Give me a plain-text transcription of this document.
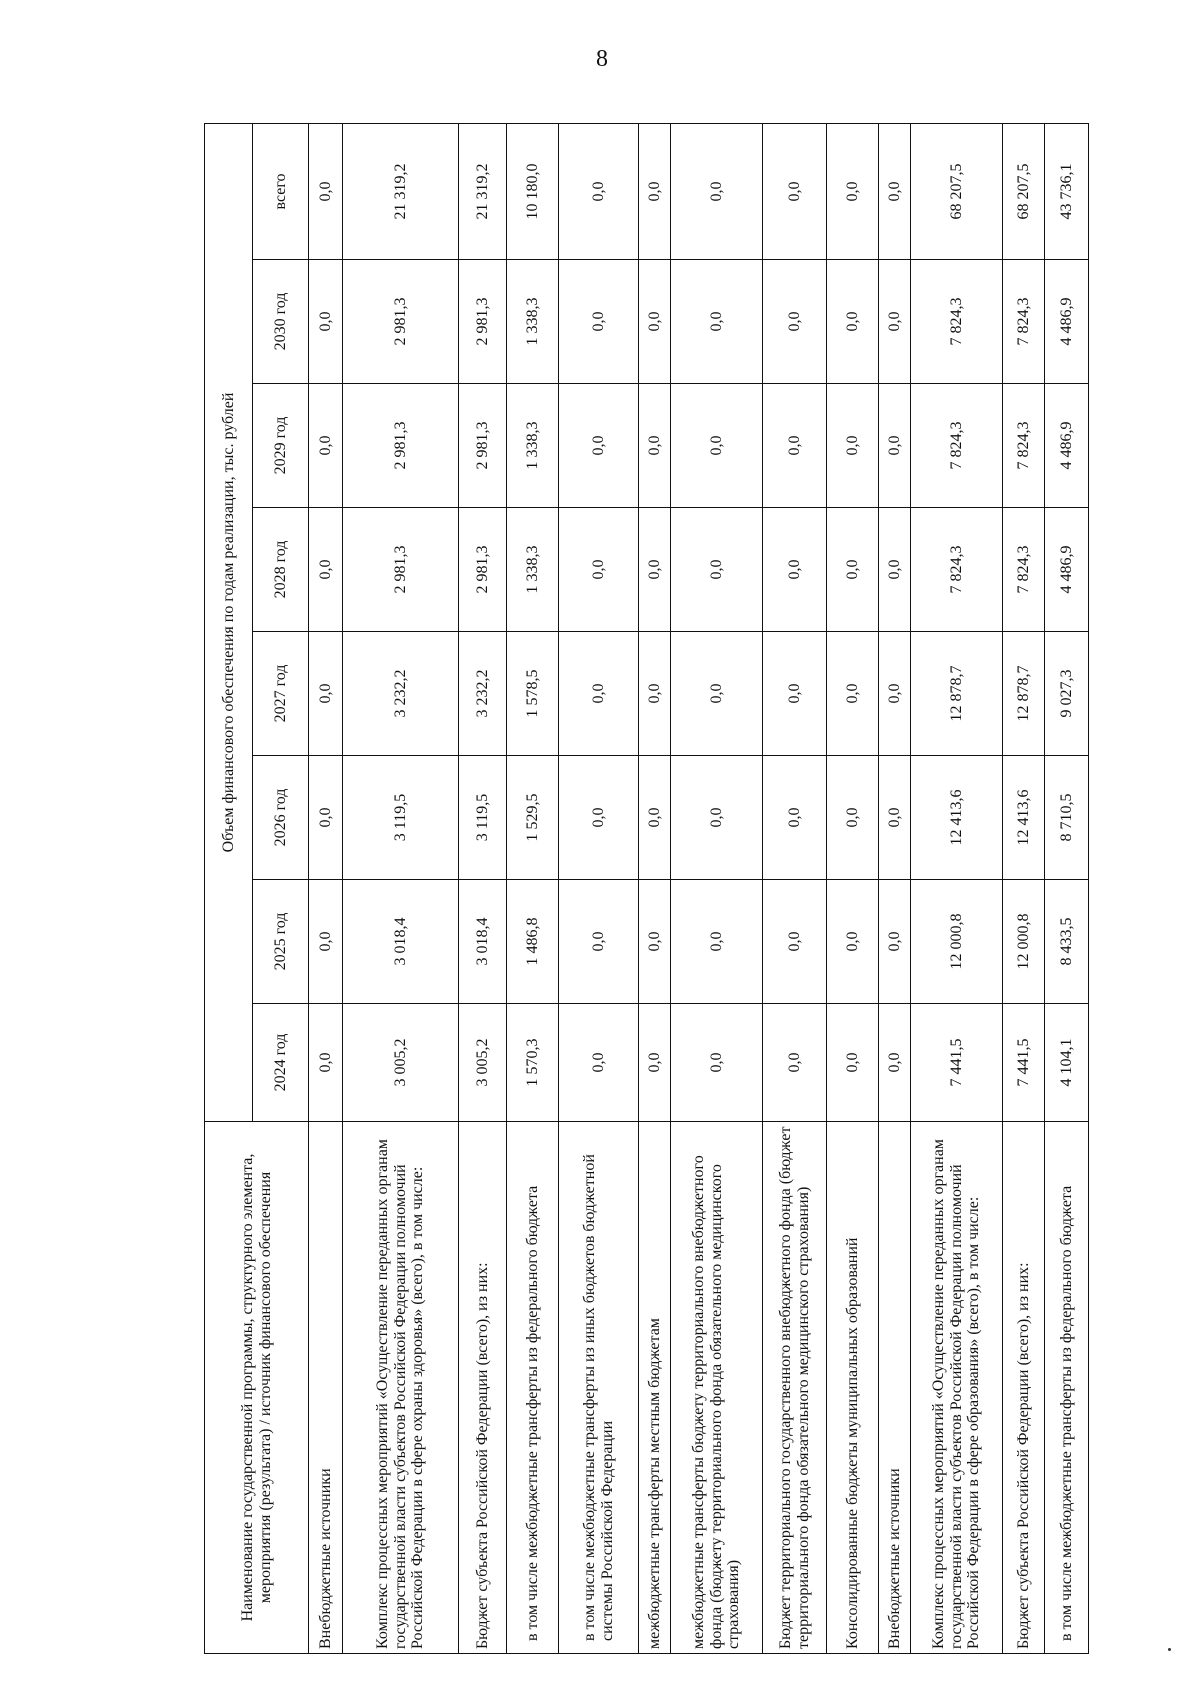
8
Наименование государственной программы, структурного элемента, мероприятия (результата) / источник финансового обеспечения	Объем финансового обеспечения по годам реализации, тыс. рублей							
	2024 год	2025 год	2026 год	2027 год	2028 год	2029 год	2030 год	всего
Внебюджетные источники	0,0	0,0	0,0	0,0	0,0	0,0	0,0	0,0
Комплекс процессных мероприятий «Осуществление переданных органам государственной власти субъектов Российской Федерации полномочий Российской Федерации в сфере охраны здоровья» (всего), в том числе:	3 005,2	3 018,4	3 119,5	3 232,2	2 981,3	2 981,3	2 981,3	21 319,2
Бюджет субъекта Российской Федерации (всего), из них:	3 005,2	3 018,4	3 119,5	3 232,2	2 981,3	2 981,3	2 981,3	21 319,2
в том числе межбюджетные трансферты из федерального бюджета	1 570,3	1 486,8	1 529,5	1 578,5	1 338,3	1 338,3	1 338,3	10 180,0
в том числе межбюджетные трансферты из иных бюджетов бюджетной системы Российской Федерации	0,0	0,0	0,0	0,0	0,0	0,0	0,0	0,0
межбюджетные трансферты местным бюджетам	0,0	0,0	0,0	0,0	0,0	0,0	0,0	0,0
межбюджетные трансферты бюджету территориального внебюджетного фонда (бюджету территориального фонда обязательного медицинского страхования)	0,0	0,0	0,0	0,0	0,0	0,0	0,0	0,0
Бюджет территориального государственного внебюджетного фонда (бюджет территориального фонда обязательного медицинского страхования)	0,0	0,0	0,0	0,0	0,0	0,0	0,0	0,0
Консолидированные бюджеты муниципальных образований	0,0	0,0	0,0	0,0	0,0	0,0	0,0	0,0
Внебюджетные источники	0,0	0,0	0,0	0,0	0,0	0,0	0,0	0,0
Комплекс процессных мероприятий «Осуществление переданных органам государственной власти субъектов Российской Федерации полномочий Российской Федерации в сфере образования» (всего), в том числе:	7 441,5	12 000,8	12 413,6	12 878,7	7 824,3	7 824,3	7 824,3	68 207,5
Бюджет субъекта Российской Федерации (всего), из них:	7 441,5	12 000,8	12 413,6	12 878,7	7 824,3	7 824,3	7 824,3	68 207,5
в том числе межбюджетные трансферты из федерального бюджета	4 104,1	8 433,5	8 710,5	9 027,3	4 486,9	4 486,9	4 486,9	43 736,1
